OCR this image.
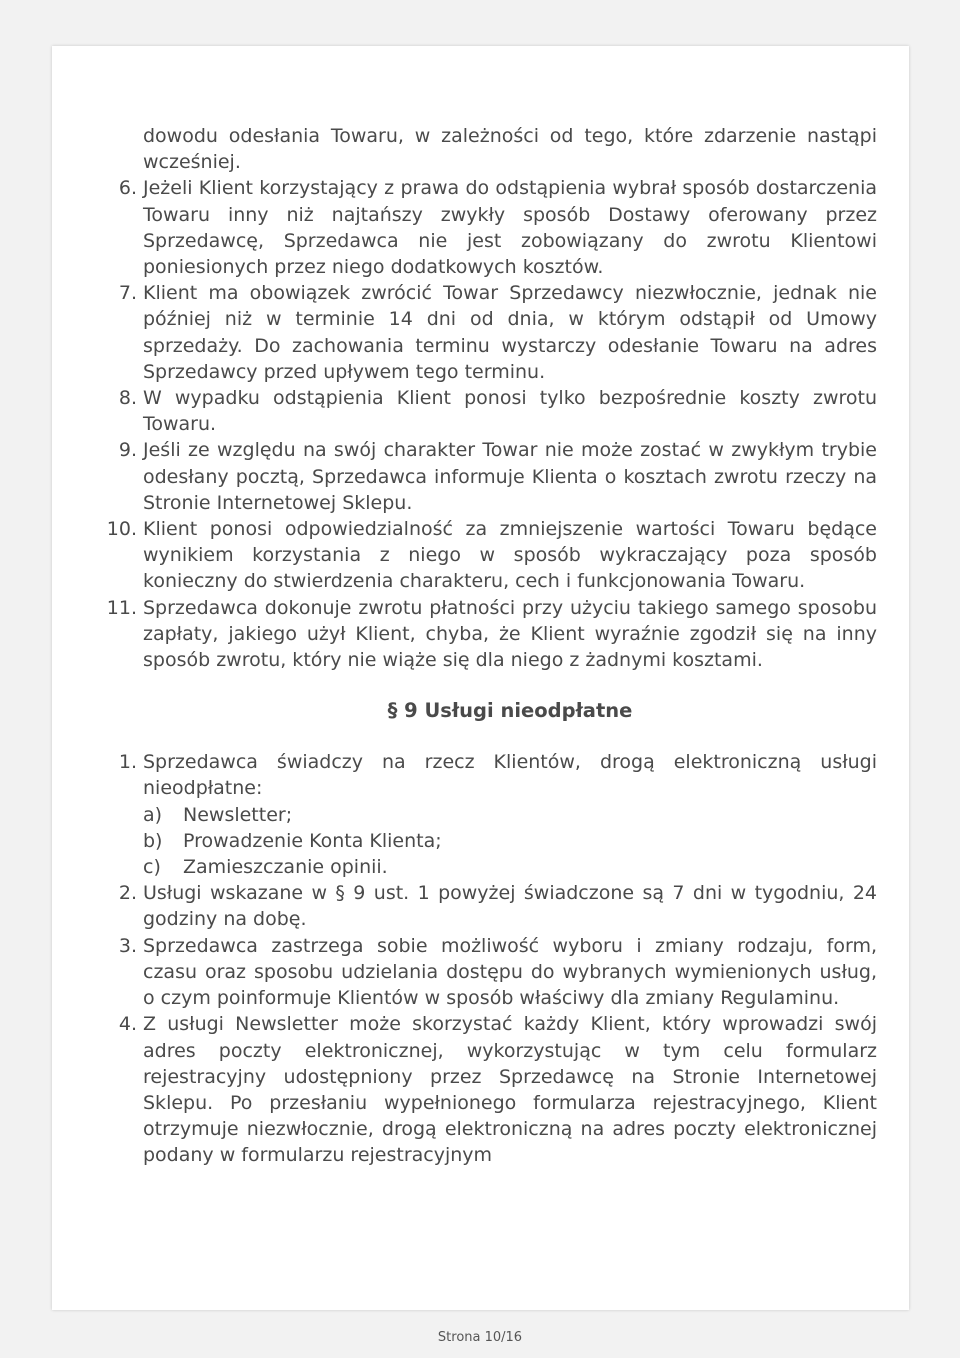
dowodu odesłania Towaru, w zależności od tego, które zdarzenie nastąpi wcześniej.

6. Jeżeli Klient korzystający z prawa do odstąpienia wybrał sposób dostarczenia Towaru inny niż najtańszy zwykły sposób Dostawy oferowany przez Sprzedawcę, Sprzedawca nie jest zobowiązany do zwrotu Klientowi poniesionych przez niego dodatkowych kosztów.
7. Klient ma obowiązek zwrócić Towar Sprzedawcy niezwłocznie, jednak nie później niż w terminie 14 dni od dnia, w którym odstąpił od Umowy sprzedaży. Do zachowania terminu wystarczy odesłanie Towaru na adres Sprzedawcy przed upływem tego terminu.
8. W wypadku odstąpienia Klient ponosi tylko bezpośrednie koszty zwrotu Towaru.
9. Jeśli ze względu na swój charakter Towar nie może zostać w zwykłym trybie odesłany pocztą, Sprzedawca informuje Klienta o kosztach zwrotu rzeczy na Stronie Internetowej Sklepu.
10. Klient ponosi odpowiedzialność za zmniejszenie wartości Towaru będące wynikiem korzystania z niego w sposób wykraczający poza sposób konieczny do stwierdzenia charakteru, cech i funkcjonowania Towaru.
11. Sprzedawca dokonuje zwrotu płatności przy użyciu takiego samego sposobu zapłaty, jakiego użył Klient, chyba, że Klient wyraźnie zgodził się na inny sposób zwrotu, który nie wiąże się dla niego z żadnymi kosztami.
§ 9 Usługi nieodpłatne
1. Sprzedawca świadczy na rzecz Klientów, drogą elektroniczną usługi nieodpłatne:
a) Newsletter;
b) Prowadzenie Konta Klienta;
c) Zamieszczanie opinii.
2. Usługi wskazane w § 9 ust. 1 powyżej świadczone są 7 dni w tygodniu, 24 godziny na dobę.
3. Sprzedawca zastrzega sobie możliwość wyboru i zmiany rodzaju, form, czasu oraz sposobu udzielania dostępu do wybranych wymienionych usług, o czym poinformuje Klientów w sposób właściwy dla zmiany Regulaminu.
4. Z usługi Newsletter może skorzystać każdy Klient, który wprowadzi swój adres poczty elektronicznej, wykorzystując w tym celu formularz rejestracyjny udostępniony przez Sprzedawcę na Stronie Internetowej Sklepu. Po przesłaniu wypełnionego formularza rejestracyjnego, Klient otrzymuje niezwłocznie, drogą elektroniczną na adres poczty elektronicznej podany w formularzu rejestracyjnym
Strona 10/16
